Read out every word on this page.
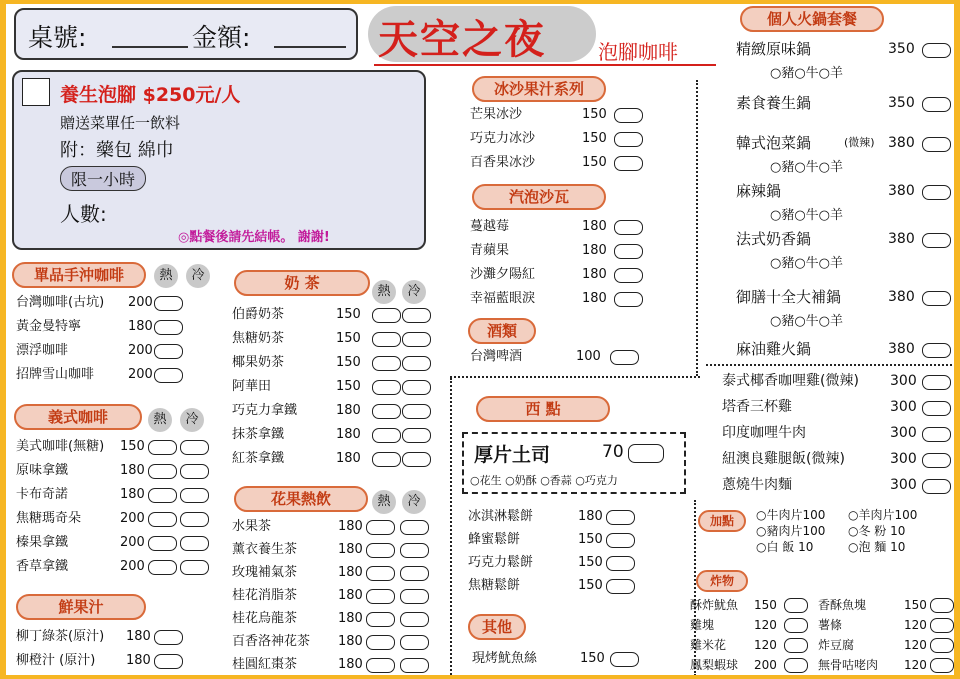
桌號:	金額:	天空之夜	泡腳咖啡
養生泡腳 $250元/人
贈送菜單任一飲料
附：藥包 綿巾
限一小時
人數:
◎點餐後請先結帳。 謝謝!
單品手沖咖啡	熱	冷
台灣咖啡(古坑) 200
黃金曼特寧	180
漂浮咖啡	200
招牌雪山咖啡	200
義式咖啡	熱	冷
美式咖啡(無糖) 150
原味拿鐵	180
卡布奇諾	180
焦糖瑪奇朵	200
榛果拿鐵	200
香草拿鐵	200
鮮果汁
柳丁綠茶(原汁) 180
柳橙汁 (原汁) 180
奶 茶	熱	冷
伯爵奶茶	150
焦糖奶茶	150
椰果奶茶	150
阿華田	150
巧克力拿鐵	180
抹茶拿鐵	180
紅茶拿鐵	180
花果熱飲	熱	冷
水果茶	180
薰衣養生茶	180
玫瑰補氣茶	180
桂花消脂茶	180
桂花烏龍茶	180
百香洛神花茶 180
桂圓紅棗茶	180
冰沙果汁系列
芒果冰沙	150
巧克力冰沙	150
百香果冰沙	150
汽泡沙瓦
蔓越莓	180
青蘋果	180
沙灘夕陽紅	180
幸福藍眼淚	180
酒類
台灣啤酒	100
西 點
厚片土司	70
○花生 ○奶酥 ○香蒜 ○巧克力
冰淇淋鬆餅	180
蜂蜜鬆餅	150
巧克力鬆餅	150
焦糖鬆餅	150
其他
現烤魷魚絲	150
個人火鍋套餐
精緻原味鍋	350
○豬○牛○羊
素食養生鍋	350
韓式泡菜鍋	(微辣) 380
○豬○牛○羊
麻辣鍋	380
○豬○牛○羊
法式奶香鍋	380
○豬○牛○羊
御膳十全大補鍋	380
○豬○牛○羊
麻油雞火鍋	380
泰式椰香咖哩雞(微辣) 300
塔香三杯雞	300
印度咖哩牛肉	300
紐澳良雞腿飯(微辣)	300
蔥燒牛肉麵	300
加點	○牛肉片100 ○羊肉片100
○豬肉片100 ○冬 粉 10
○白 飯 10	○泡 麵 10
炸物
酥炸魷魚 150	香酥魚塊	150
雞塊	120	薯條	120
雞米花 120	炸豆腐	120
鳳梨蝦球 200	無骨咕咾肉 120
